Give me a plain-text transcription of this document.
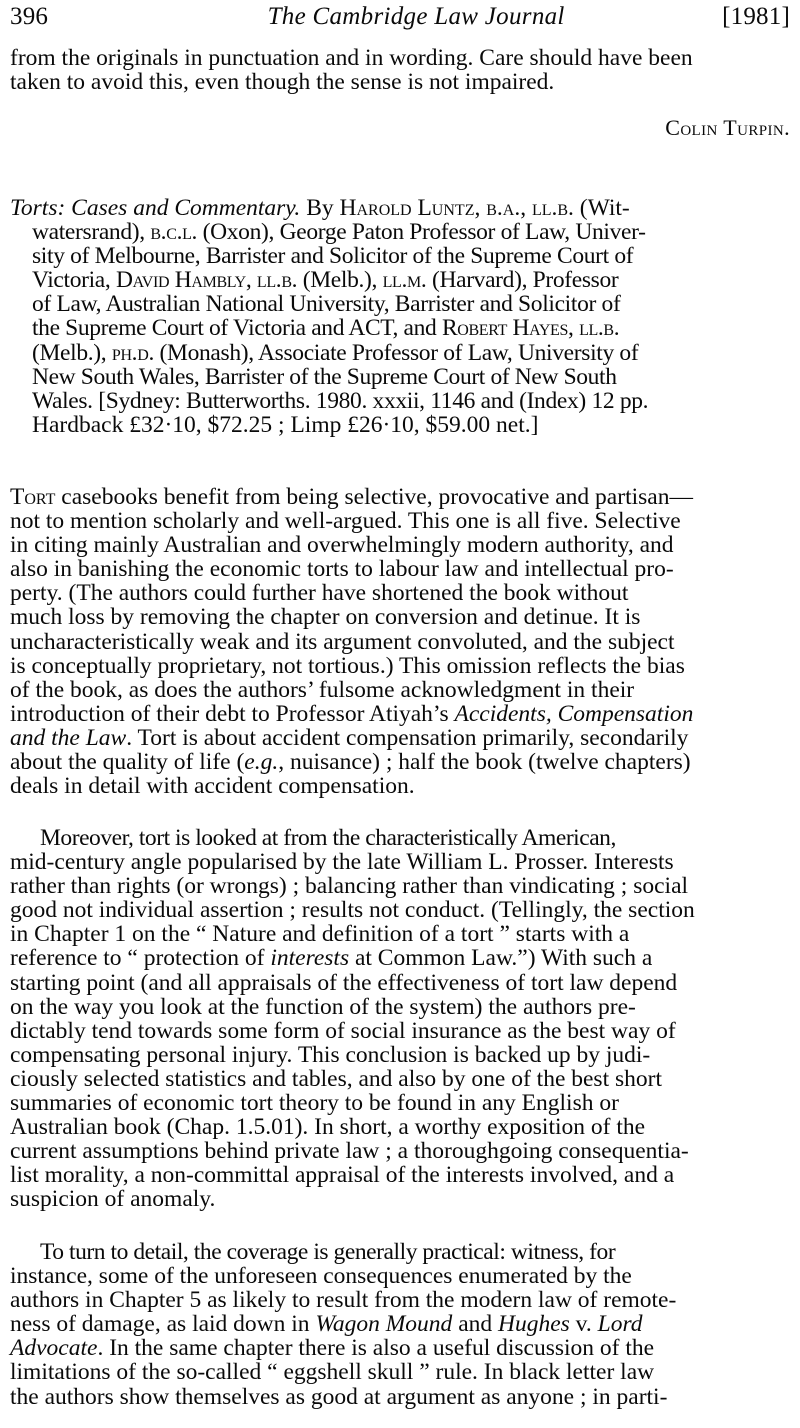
396	The Cambridge Law Journal	[1981]
from the originals in punctuation and in wording. Care should have been
taken to avoid this, even though the sense is not impaired.
Colin Turpin.
Torts: Cases and Commentary. By Harold Luntz, b.a., ll.b. (Wit-
watersrand), b.c.l. (Oxon), George Paton Professor of Law, Univer-
sity of Melbourne, Barrister and Solicitor of the Supreme Court of
Victoria, David Hambly, ll.b. (Melb.), ll.m. (Harvard), Professor
of Law, Australian National University, Barrister and Solicitor of
the Supreme Court of Victoria and ACT, and Robert Hayes, ll.b.
(Melb.), ph.d. (Monash), Associate Professor of Law, University of
New South Wales, Barrister of the Supreme Court of New South
Wales. [Sydney: Butterworths. 1980. xxxii, 1146 and (Index) 12 pp.
Hardback £32·10, $72.25 ; Limp £26·10, $59.00 net.]
Tort casebooks benefit from being selective, provocative and partisan—
not to mention scholarly and well-argued. This one is all five. Selective
in citing mainly Australian and overwhelmingly modern authority, and
also in banishing the economic torts to labour law and intellectual pro-
perty. (The authors could further have shortened the book without
much loss by removing the chapter on conversion and detinue. It is
uncharacteristically weak and its argument convoluted, and the subject
is conceptually proprietary, not tortious.) This omission reflects the bias
of the book, as does the authors’ fulsome acknowledgment in their
introduction of their debt to Professor Atiyah’s Accidents, Compensation
and the Law. Tort is about accident compensation primarily, secondarily
about the quality of life (e.g., nuisance) ; half the book (twelve chapters)
deals in detail with accident compensation.
Moreover, tort is looked at from the characteristically American,
mid-century angle popularised by the late William L. Prosser. Interests
rather than rights (or wrongs) ; balancing rather than vindicating ; social
good not individual assertion ; results not conduct. (Tellingly, the section
in Chapter 1 on the “ Nature and definition of a tort ” starts with a
reference to “ protection of interests at Common Law.”) With such a
starting point (and all appraisals of the effectiveness of tort law depend
on the way you look at the function of the system) the authors pre-
dictably tend towards some form of social insurance as the best way of
compensating personal injury. This conclusion is backed up by judi-
ciously selected statistics and tables, and also by one of the best short
summaries of economic tort theory to be found in any English or
Australian book (Chap. 1.5.01). In short, a worthy exposition of the
current assumptions behind private law ; a thoroughgoing consequentia-
list morality, a non-committal appraisal of the interests involved, and a
suspicion of anomaly.
To turn to detail, the coverage is generally practical: witness, for
instance, some of the unforeseen consequences enumerated by the
authors in Chapter 5 as likely to result from the modern law of remote-
ness of damage, as laid down in Wagon Mound and Hughes v. Lord
Advocate. In the same chapter there is also a useful discussion of the
limitations of the so-called “ eggshell skull ” rule. In black letter law
the authors show themselves as good at argument as anyone ; in parti-
